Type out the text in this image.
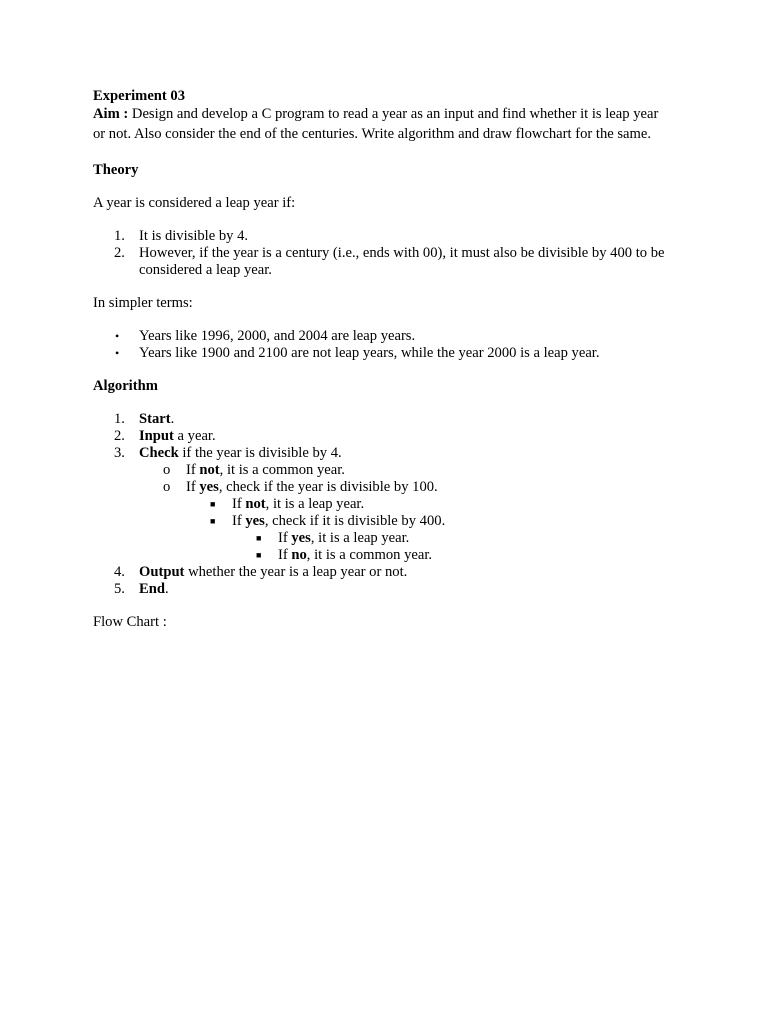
Experiment 03

Aim : Design and develop a C program to read a year as an input and find whether it is leap year or not. Also consider the end of the centuries. Write algorithm and draw flowchart for the same.

Theory

A year is considered a leap year if:

1. It is divisible by 4.
2. However, if the year is a century (i.e., ends with 00), it must also be divisible by 400 to be considered a leap year.

In simpler terms:

•	Years like 1996, 2000, and 2004 are leap years.
•	Years like 1900 and 2100 are not leap years, while the year 2000 is a leap year.

Algorithm

1. Start.
2. Input a year.
3. Check if the year is divisible by 4.
o	If not, it is a common year.
o	If yes, check if the year is divisible by 100.
■	If not, it is a leap year.
■	If yes, check if it is divisible by 400.
■	If yes, it is a leap year.
■	If no, it is a common year.
4. Output whether the year is a leap year or not.
5. End.

Flow Chart :
